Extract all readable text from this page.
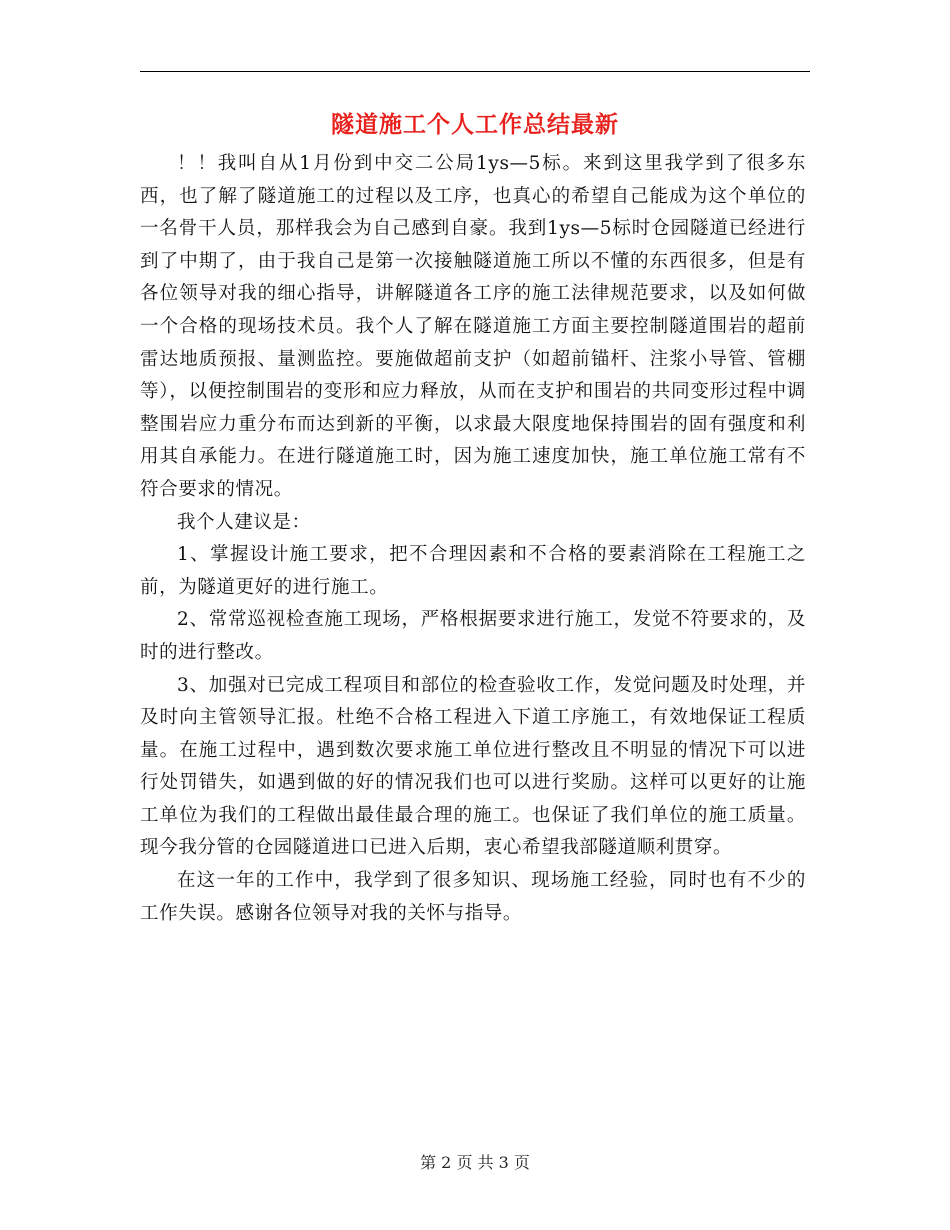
隧道施工个人工作总结最新

！！我叫自从1月份到中交二公局1ys—5标。来到这里我学到了很多东西，也了解了隧道施工的过程以及工序，也真心的希望自己能成为这个单位的一名骨干人员，那样我会为自己感到自豪。我到1ys—5标时仓园隧道已经进行到了中期了，由于我自己是第一次接触隧道施工所以不懂的东西很多，但是有各位领导对我的细心指导，讲解隧道各工序的施工法律规范要求，以及如何做一个合格的现场技术员。我个人了解在隧道施工方面主要控制隧道围岩的超前雷达地质预报、量测监控。要施做超前支护（如超前锚杆、注浆小导管、管棚等），以便控制围岩的变形和应力释放，从而在支护和围岩的共同变形过程中调整围岩应力重分布而达到新的平衡，以求最大限度地保持围岩的固有强度和利用其自承能力。在进行隧道施工时，因为施工速度加快，施工单位施工常有不符合要求的情况。

我个人建议是：

1、掌握设计施工要求，把不合理因素和不合格的要素消除在工程施工之前，为隧道更好的进行施工。

2、常常巡视检查施工现场，严格根据要求进行施工，发觉不符要求的，及时的进行整改。

3、加强对已完成工程项目和部位的检查验收工作，发觉问题及时处理，并及时向主管领导汇报。杜绝不合格工程进入下道工序施工，有效地保证工程质量。在施工过程中，遇到数次要求施工单位进行整改且不明显的情况下可以进行处罚错失，如遇到做的好的情况我们也可以进行奖励。这样可以更好的让施工单位为我们的工程做出最佳最合理的施工。也保证了我们单位的施工质量。现今我分管的仓园隧道进口已进入后期，衷心希望我部隧道顺利贯穿。

在这一年的工作中，我学到了很多知识、现场施工经验，同时也有不少的工作失误。感谢各位领导对我的关怀与指导。

第 2 页 共 3 页
